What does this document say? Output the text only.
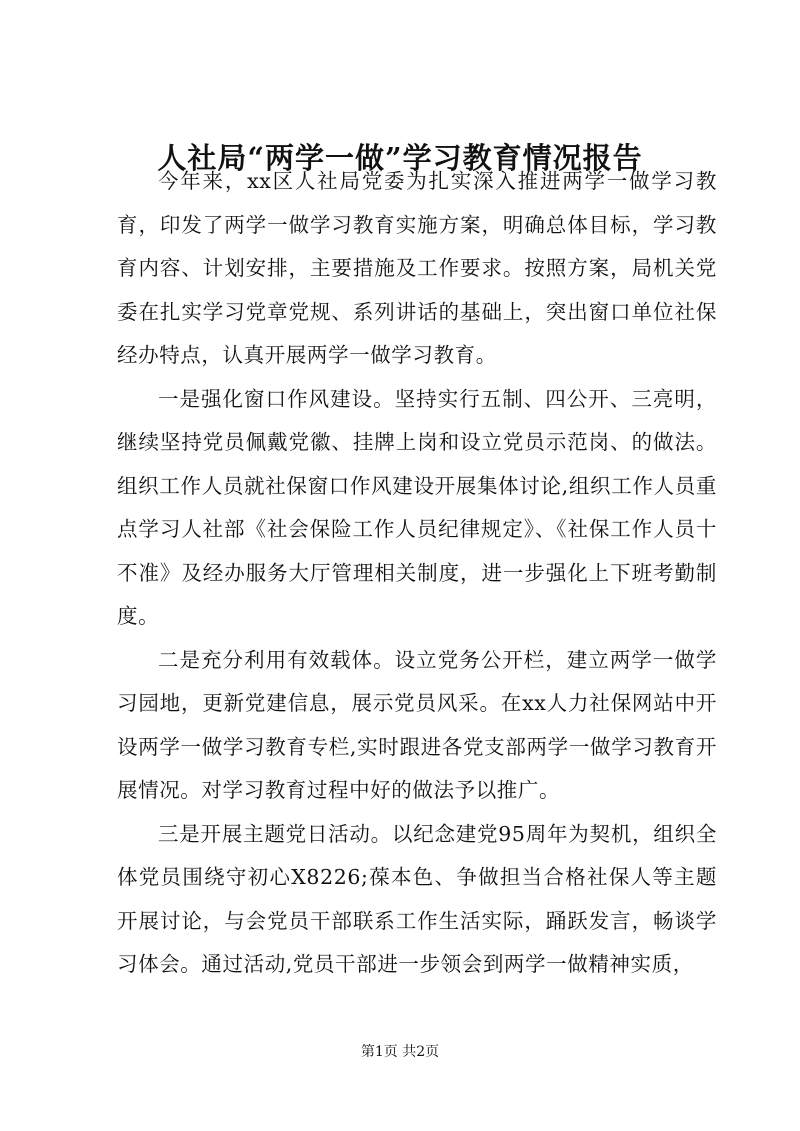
人社局“两学一做”学习教育情况报告

今年来，xx区人社局党委为扎实深入推进两学一做学习教育，印发了两学一做学习教育实施方案，明确总体目标，学习教育内容、计划安排，主要措施及工作要求。按照方案，局机关党委在扎实学习党章党规、系列讲话的基础上，突出窗口单位社保经办特点，认真开展两学一做学习教育。

一是强化窗口作风建设。坚持实行五制、四公开、三亮明，继续坚持党员佩戴党徽、挂牌上岗和设立党员示范岗、的做法。组织工作人员就社保窗口作风建设开展集体讨论,组织工作人员重点学习人社部《社会保险工作人员纪律规定》、《社保工作人员十不准》及经办服务大厅管理相关制度，进一步强化上下班考勤制度。

二是充分利用有效载体。设立党务公开栏，建立两学一做学习园地，更新党建信息，展示党员风采。在xx人力社保网站中开设两学一做学习教育专栏,实时跟进各党支部两学一做学习教育开展情况。对学习教育过程中好的做法予以推广。

三是开展主题党日活动。以纪念建党95周年为契机，组织全体党员围绕守初心X8226;葆本色、争做担当合格社保人等主题开展讨论，与会党员干部联系工作生活实际，踊跃发言，畅谈学习体会。通过活动,党员干部进一步领会到两学一做精神实质，

第1页 共2页
